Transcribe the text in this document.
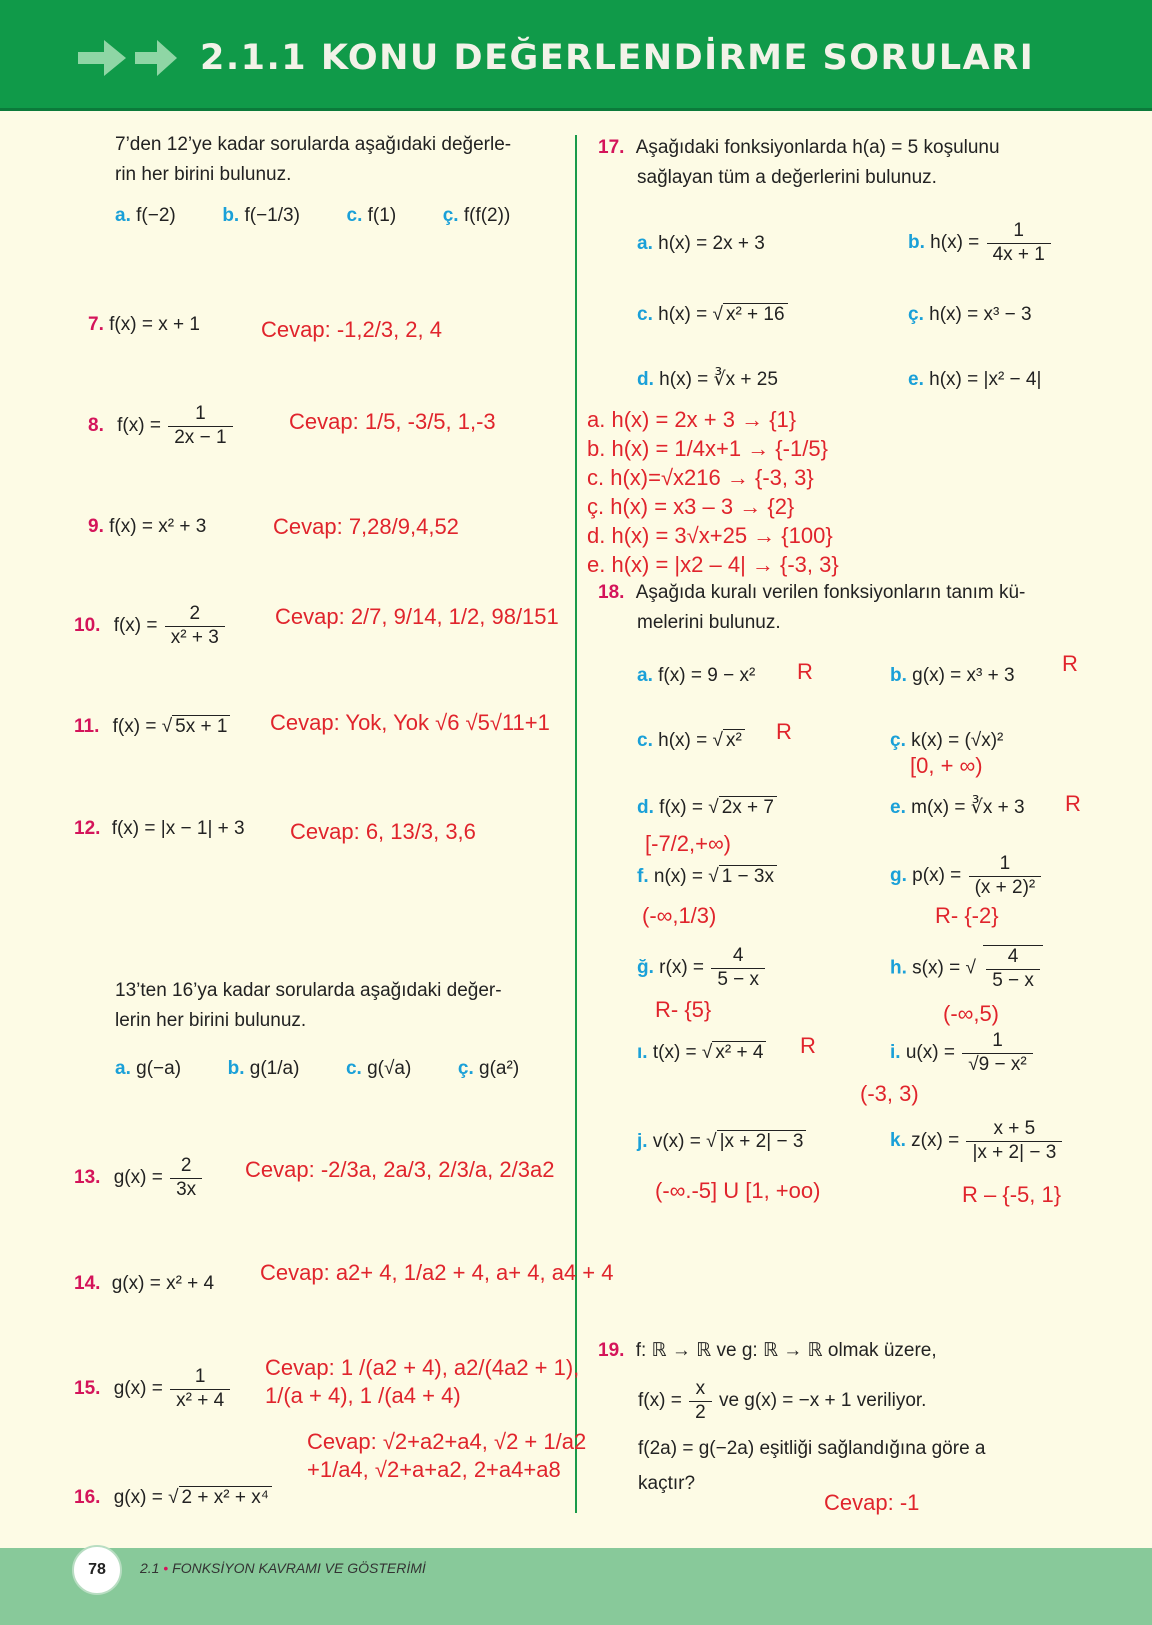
2.1.1 KONU DEĞERLENDİRME SORULARI
7’den 12’ye kadar sorularda aşağıdaki değerle-
rin her birini bulunuz.
a. f(−2) b. f(−1/3) c. f(1) ç. f(f(2))
7. f(x) = x + 1	Cevap: -1,2/3, 2, 4
8. $f(x) = \frac{1}{2x - 1}$	Cevap: 1/5, -3/5, 1,-3
9. f(x) = x² + 3	Cevap: 7,28/9,4,52
10. $f(x) = \frac{2}{\text{x² + 3}}$ Cevap: 2/7, 9/14, 1/2, 98/151
11. f(x) = √ 5x + 1 Cevap: Yok, Yok √6 √5√11+1
12. f(x) = |x − 1| + 3 Cevap: 6, 13/3, 3,6
13’ten 16’ya kadar sorularda aşağıdaki değer-
lerin her birini bulunuz.
a. g(−a) b. g(1/a) c. g(√a) ç. g(a²)
13. $g(x) = \frac{2}{3x}$ Cevap: -2/3a, 2a/3, 2/3/a, 2/3a2
14. g(x) = x² + 4 Cevap: a2+ 4, 1/a2 + 4, a+ 4, a4 + 4
15. $g(x) = \frac{1}{\text{x² + 4}}$ Cevap: 1 /(a2 + 4), a2/(4a2 + 1),
1/(a + 4), 1 /(a4 + 4)
Cevap: √2+a2+a4, √2 + 1/a2
+1/a4, √2+a+a2, 2+a4+a8
16. g(x) = √ 2 + x² + x⁴
17. Aşağıdaki fonksiyonlarda h(a) = 5 koşulunu
sağlayan tüm a değerlerini bulunuz.
a. h(x) = 2x + 3	b. $h(x) = \frac{1}{4x + 1}$
c. h(x) = √ x² + 16	ç. h(x) = x³ − 3
d. h(x) = ∛x + 25	e. h(x) = |x² − 4|
a. h(x) = 2x + 3 → {1}
b. h(x) = 1/4x+1 → {-1/5}
c. h(x)=√x216 → {-3, 3}
ç. h(x) = x3 – 3 → {2}
d. h(x) = 3√x+25 → {100}
e. h(x) = |x2 – 4| → {-3, 3}
18. Aşağıda kuralı verilen fonksiyonların tanım kü-
melerini bulunuz.
a. f(x) = 9 − x² R	b. g(x) = x³ + 3 R
c. h(x) = √ x² R	ç. k(x) = (√x)²
[0, + ∞)
d. f(x) = √ 2x + 7
[-7/2,+∞)
e. m(x) = ∛x + 3 R
f. n(x) = √ 1 − 3x
(-∞,1/3)
g. $p(x) = \frac{1}{\text{(x + 2)²}}$
R- {-2}
ğ. $r(x) = \frac{4}{5 - x}$
R- {5}
h. s(x) = √ $\frac{4}{5 - x}$
(-∞,5)
ı. t(x) = √ x² + 4 R	i. $u(x) = \frac{1}{\text{√9 − x²}}$
(-3, 3)
j. v(x) = √ |x + 2| − 3
(-∞.-5] U [1, +oo)
k. $z(x) = \frac{x + 5}{|x + 2| - 3}$
R – {-5, 1}
19. f: ℝ → ℝ ve g: ℝ → ℝ olmak üzere,
$f(x) = \frac{x}{2}$ ve g(x) = −x + 1 veriliyor.
f(2a) = g(−2a) eşitliği sağlandığına göre a
kaçtır?
Cevap: -1
78	2.1 • FONKSİYON KAVRAMI VE GÖSTERİMİ
